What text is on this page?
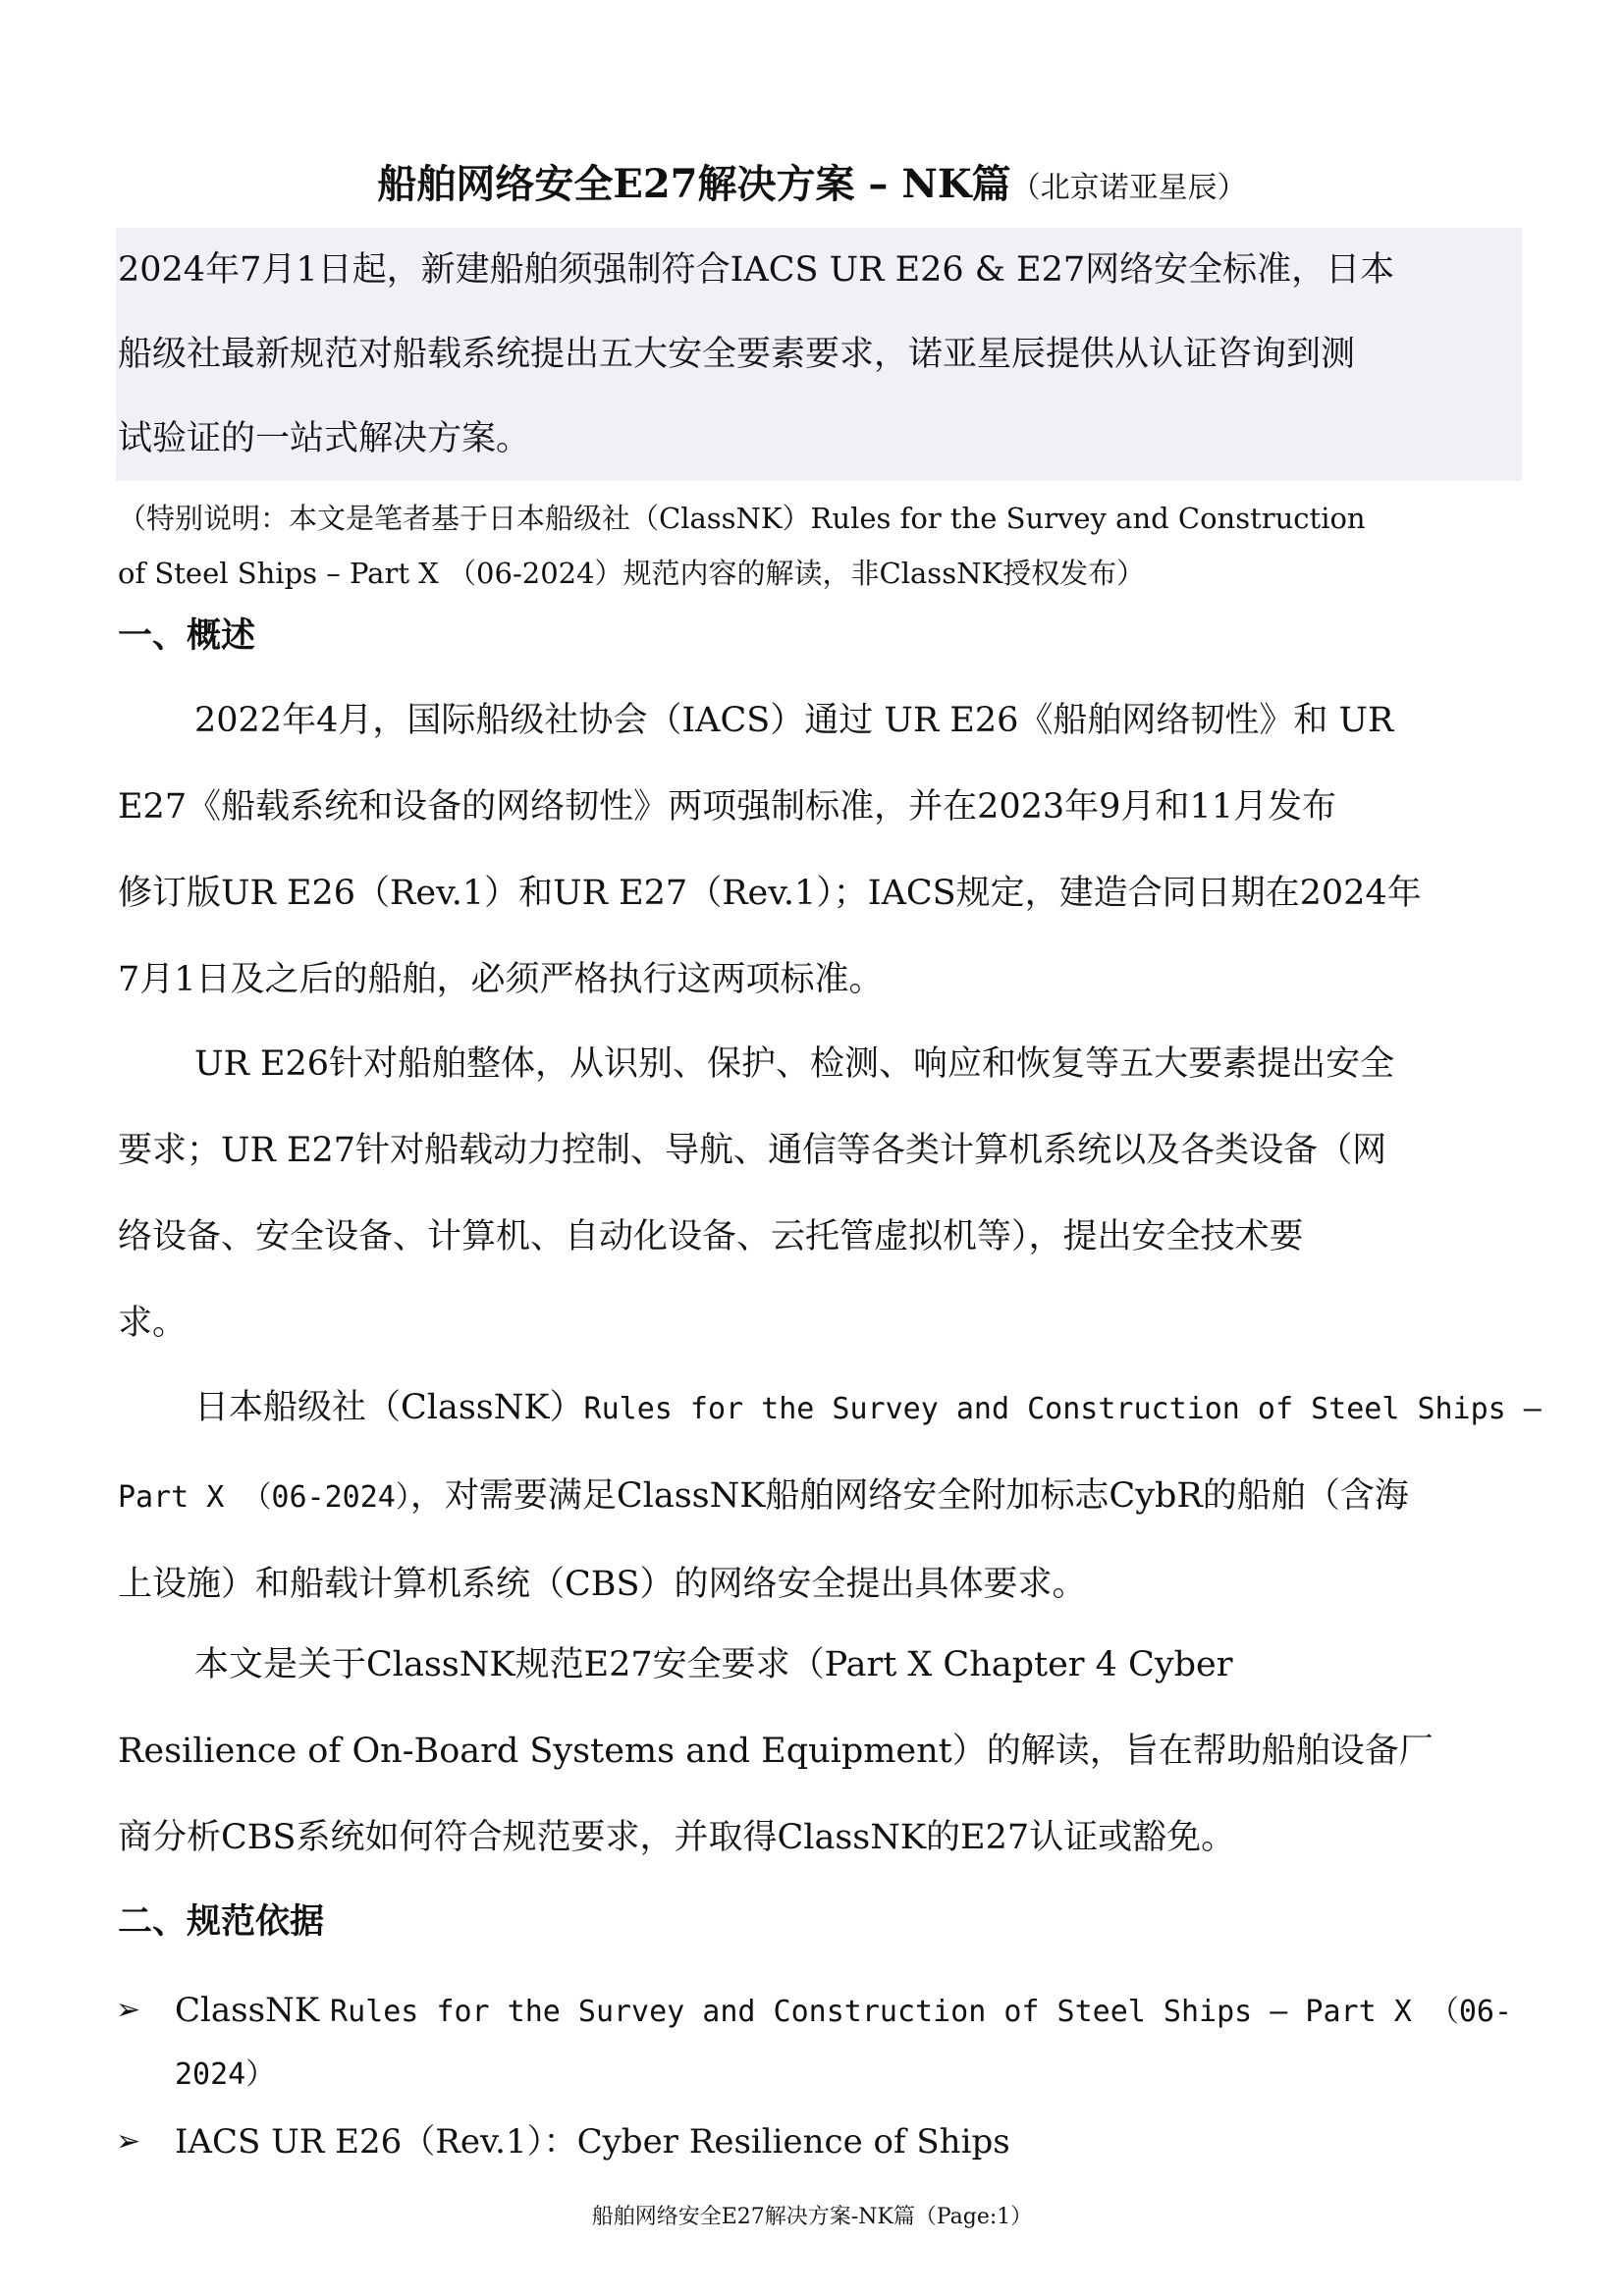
船舶网络安全E27解决方案 – NK篇（北京诺亚星辰）
2024年7月1日起，新建船舶须强制符合IACS UR E26 & E27网络安全标准，日本
船级社最新规范对船载系统提出五大安全要素要求，诺亚星辰提供从认证咨询到测
试验证的一站式解决方案。
（特别说明：本文是笔者基于日本船级社（ClassNK）Rules for the Survey and Construction
of Steel Ships – Part X （06-2024）规范内容的解读，非ClassNK授权发布）
一、概述
2022年4月，国际船级社协会（IACS）通过 UR E26《船舶网络韧性》和 UR
E27《船载系统和设备的网络韧性》两项强制标准，并在2023年9月和11月发布
修订版UR E26（Rev.1）和UR E27（Rev.1）；IACS规定，建造合同日期在2024年
7月1日及之后的船舶，必须严格执行这两项标准。
UR E26针对船舶整体，从识别、保护、检测、响应和恢复等五大要素提出安全
要求；UR E27针对船载动力控制、导航、通信等各类计算机系统以及各类设备（网
络设备、安全设备、计算机、自动化设备、云托管虚拟机等），提出安全技术要
求。
日本船级社（ClassNK）Rules for the Survey and Construction of Steel Ships –
Part X （06-2024），对需要满足ClassNK船舶网络安全附加标志CybR的船舶（含海
上设施）和船载计算机系统（CBS）的网络安全提出具体要求。
本文是关于ClassNK规范E27安全要求（Part X Chapter 4 Cyber
Resilience of On-Board Systems and Equipment）的解读，旨在帮助船舶设备厂
商分析CBS系统如何符合规范要求，并取得ClassNK的E27认证或豁免。
二、规范依据
➢ ClassNK Rules for the Survey and Construction of Steel Ships – Part X （06-
2024）
➢ IACS UR E26（Rev.1）：Cyber Resilience of Ships
船舶网络安全E27解决方案-NK篇（Page:1）
